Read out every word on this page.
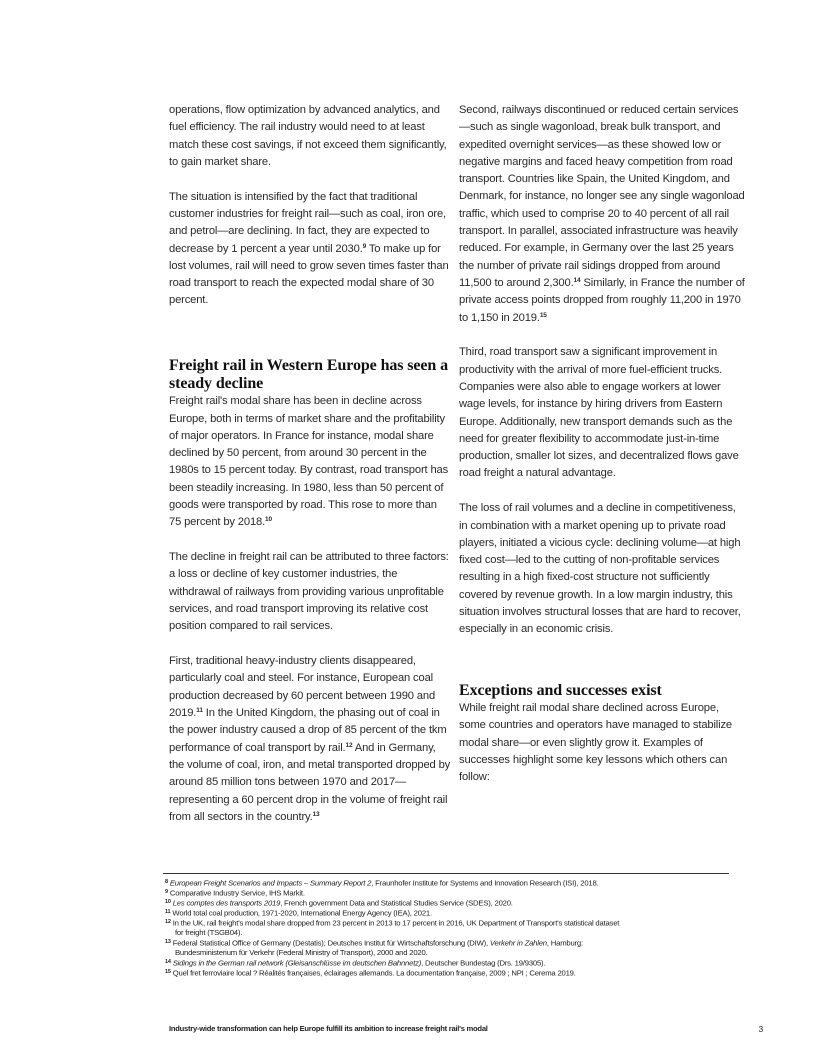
operations, flow optimization by advanced analytics, and fuel efficiency. The rail industry would need to at least match these cost savings, if not exceed them significantly, to gain market share.

The situation is intensified by the fact that traditional customer industries for freight rail—such as coal, iron ore, and petrol—are declining. In fact, they are expected to decrease by 1 percent a year until 2030.$^9$ To make up for lost volumes, rail will need to grow seven times faster than road transport to reach the expected modal share of 30 percent.

Freight rail in Western Europe has seen a steady decline

Freight rail's modal share has been in decline across Europe, both in terms of market share and the profitability of major operators. In France for instance, modal share declined by 50 percent, from around 30 percent in the 1980s to 15 percent today. By contrast, road transport has been steadily increasing. In 1980, less than 50 percent of goods were transported by road. This rose to more than 75 percent by 2018.10

The decline in freight rail can be attributed to three factors: a loss or decline of key customer industries, the withdrawal of railways from providing various unprofitable services, and road transport improving its relative cost position compared to rail services.

First, traditional heavy-industry clients disappeared, particularly coal and steel. For instance, European coal production decreased by 60 percent between 1990 and 2019.11 In the United Kingdom, the phasing out of coal in the power industry caused a drop of 85 percent of the tkm performance of coal transport by rail.$^{12}$ And in Germany, the volume of coal, iron, and metal transported dropped by around 85 million tons between 1970 and 2017—representing a 60 percent drop in the volume of freight rail from all sectors in the country.$^{13}$

Second, railways discontinued or reduced certain services—such as single wagonload, break bulk transport, and expedited overnight services—as these showed low or negative margins and faced heavy competition from road transport. Countries like Spain, the United Kingdom, and Denmark, for instance, no longer see any single wagonload traffic, which used to comprise 20 to 40 percent of all rail transport. In parallel, associated infrastructure was heavily reduced. For example, in Germany over the last 25 years the number of private rail sidings dropped from around 11,500 to around 2,300.14 Similarly, in France the number of private access points dropped from roughly 11,200 in 1970 to 1,150 in 2019.15

Third, road transport saw a significant improvement in productivity with the arrival of more fuel-efficient trucks. Companies were also able to engage workers at lower wage levels, for instance by hiring drivers from Eastern Europe. Additionally, new transport demands such as the need for greater flexibility to accommodate just-in-time production, smaller lot sizes, and decentralized flows gave road freight a natural advantage.

The loss of rail volumes and a decline in competitiveness, in combination with a market opening up to private road players, initiated a vicious cycle: declining volume—at high fixed cost—led to the cutting of non-profitable services resulting in a high fixed-cost structure not sufficiently covered by revenue growth. In a low margin industry, this situation involves structural losses that are hard to recover, especially in an economic crisis.

Exceptions and successes exist

While freight rail modal share declined across Europe, some countries and operators have managed to stabilize modal share—or even slightly grow it. Examples of successes highlight some key lessons which others can follow:

$^8$ European Freight Scenarios and Impacts – Summary Report 2, Fraunhofer Institute for Systems and Innovation Research (ISI), 2018.

$^9$ Comparative Industry Service, IHS Markit.

$^{10}$ Les comptes des transports 2019, French government Data and Statistical Studies Service (SDES), 2020.

$^{11}$ World total coal production, 1971-2020, International Energy Agency (IEA), 2021.

$^{12}$ In the UK, rail freight's modal share dropped from 23 percent in 2013 to 17 percent in 2016, UK Department of Transport's statistical dataset
for freight (TSGB04).

$^{13}$ Federal Statistical Office of Germany (Destatis); Deutsches Institut für Wirtschaftsforschung (DIW), Verkehr in Zahlen, Hamburg:
Bundesministerium für Verkehr (Federal Ministry of Transport), 2000 and 2020.

$^{14}$ Sidings in the German rail network (Gleisanschlüsse im deutschen Bahnnetz), Deutscher Bundestag (Drs. 19/9305).

$^{15}$ Quel fret ferroviaire local ? Réalités françaises, éclairages allemands. La documentation française, 2009 ; NPI ; Cerema 2019.

Industry-wide transformation can help Europe fulfill its ambition to increase freight rail's modal	3
